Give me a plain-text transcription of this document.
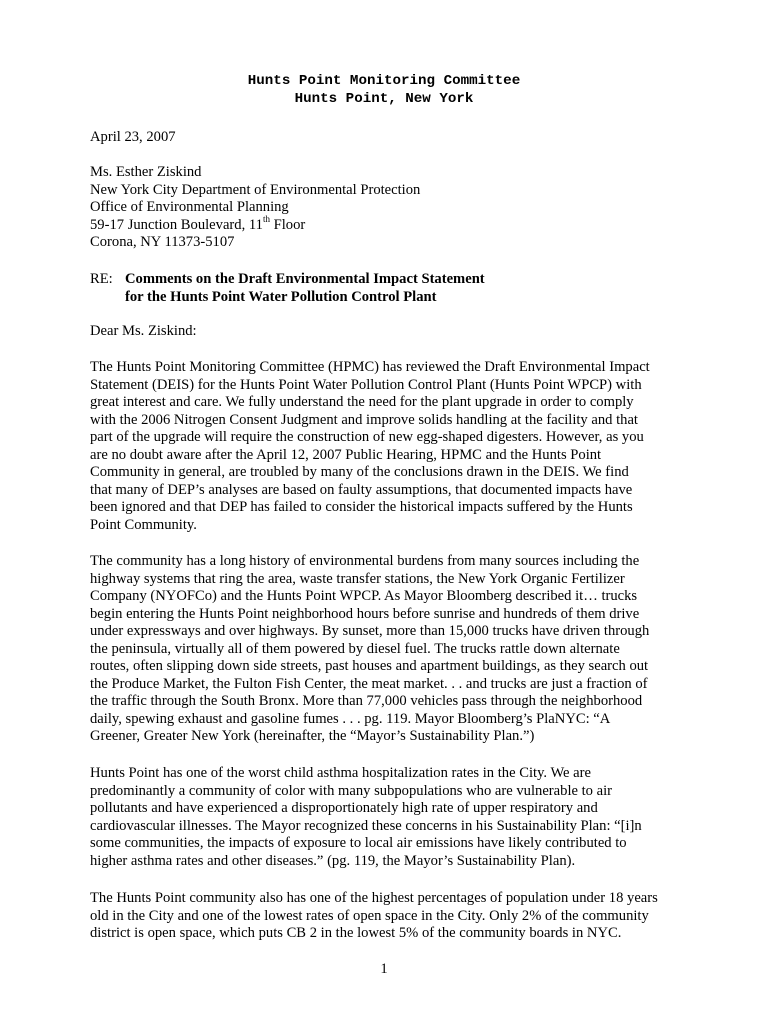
Hunts Point Monitoring Committee
Hunts Point, New York
April 23, 2007
Ms. Esther Ziskind
New York City Department of Environmental Protection
Office of Environmental Planning
59-17 Junction Boulevard, 11th Floor
Corona, NY 11373-5107
RE: Comments on the Draft Environmental Impact Statement
for the Hunts Point Water Pollution Control Plant
Dear Ms. Ziskind:
The Hunts Point Monitoring Committee (HPMC) has reviewed the Draft Environmental Impact
Statement (DEIS) for the Hunts Point Water Pollution Control Plant (Hunts Point WPCP) with
great interest and care. We fully understand the need for the plant upgrade in order to comply
with the 2006 Nitrogen Consent Judgment and improve solids handling at the facility and that
part of the upgrade will require the construction of new egg-shaped digesters. However, as you
are no doubt aware after the April 12, 2007 Public Hearing, HPMC and the Hunts Point
Community in general, are troubled by many of the conclusions drawn in the DEIS. We find
that many of DEP’s analyses are based on faulty assumptions, that documented impacts have
been ignored and that DEP has failed to consider the historical impacts suffered by the Hunts
Point Community.
The community has a long history of environmental burdens from many sources including the
highway systems that ring the area, waste transfer stations, the New York Organic Fertilizer
Company (NYOFCo) and the Hunts Point WPCP. As Mayor Bloomberg described it… trucks
begin entering the Hunts Point neighborhood hours before sunrise and hundreds of them drive
under expressways and over highways. By sunset, more than 15,000 trucks have driven through
the peninsula, virtually all of them powered by diesel fuel. The trucks rattle down alternate
routes, often slipping down side streets, past houses and apartment buildings, as they search out
the Produce Market, the Fulton Fish Center, the meat market. . . and trucks are just a fraction of
the traffic through the South Bronx. More than 77,000 vehicles pass through the neighborhood
daily, spewing exhaust and gasoline fumes . . . pg. 119. Mayor Bloomberg’s PlaNYC: “A
Greener, Greater New York (hereinafter, the “Mayor’s Sustainability Plan.”)
Hunts Point has one of the worst child asthma hospitalization rates in the City. We are
predominantly a community of color with many subpopulations who are vulnerable to air
pollutants and have experienced a disproportionately high rate of upper respiratory and
cardiovascular illnesses. The Mayor recognized these concerns in his Sustainability Plan: “[i]n
some communities, the impacts of exposure to local air emissions have likely contributed to
higher asthma rates and other diseases.” (pg. 119, the Mayor’s Sustainability Plan).
The Hunts Point community also has one of the highest percentages of population under 18 years
old in the City and one of the lowest rates of open space in the City. Only 2% of the community
district is open space, which puts CB 2 in the lowest 5% of the community boards in NYC.
1
